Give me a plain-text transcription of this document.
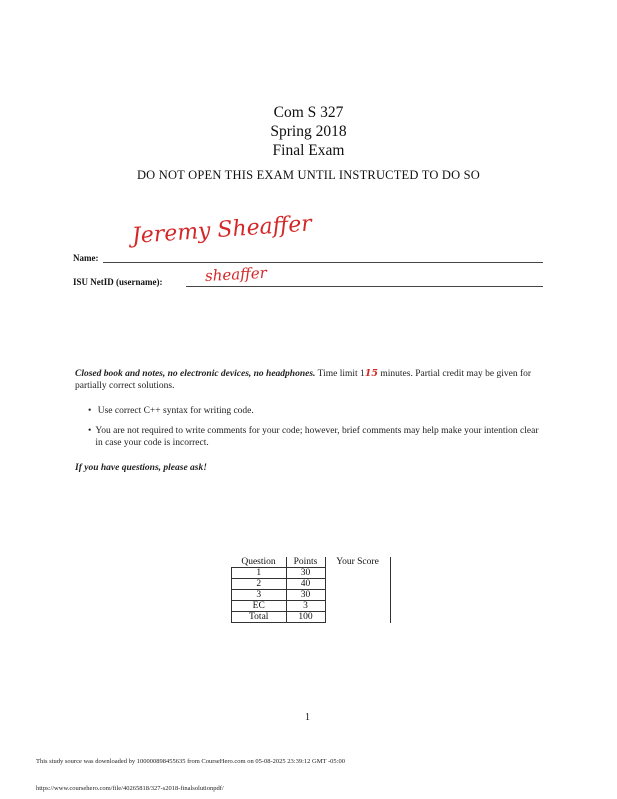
Com S 327
Spring 2018
Final Exam
DO NOT OPEN THIS EXAM UNTIL INSTRUCTED TO DO SO
Jeremy Sheaffer
Name:
sheaffer
ISU NetID (username):
Closed book and notes, no electronic devices, no headphones. Time limit 115 minutes. Partial credit may be given for partially correct solutions.
• Use correct C++ syntax for writing code.
• You are not required to write comments for your code; however, brief comments may help make your intention clear in case your code is incorrect.
If you have questions, please ask!
Question	Points	Your Score
1	30	
2	40	
3	30	
EC	3	
Total	100	
1
This study source was downloaded by 100000898455635 from CourseHero.com on 05-08-2025 23:39:12 GMT -05:00
https://www.coursehero.com/file/40265818/327-s2018-finalsolutionpdf/
